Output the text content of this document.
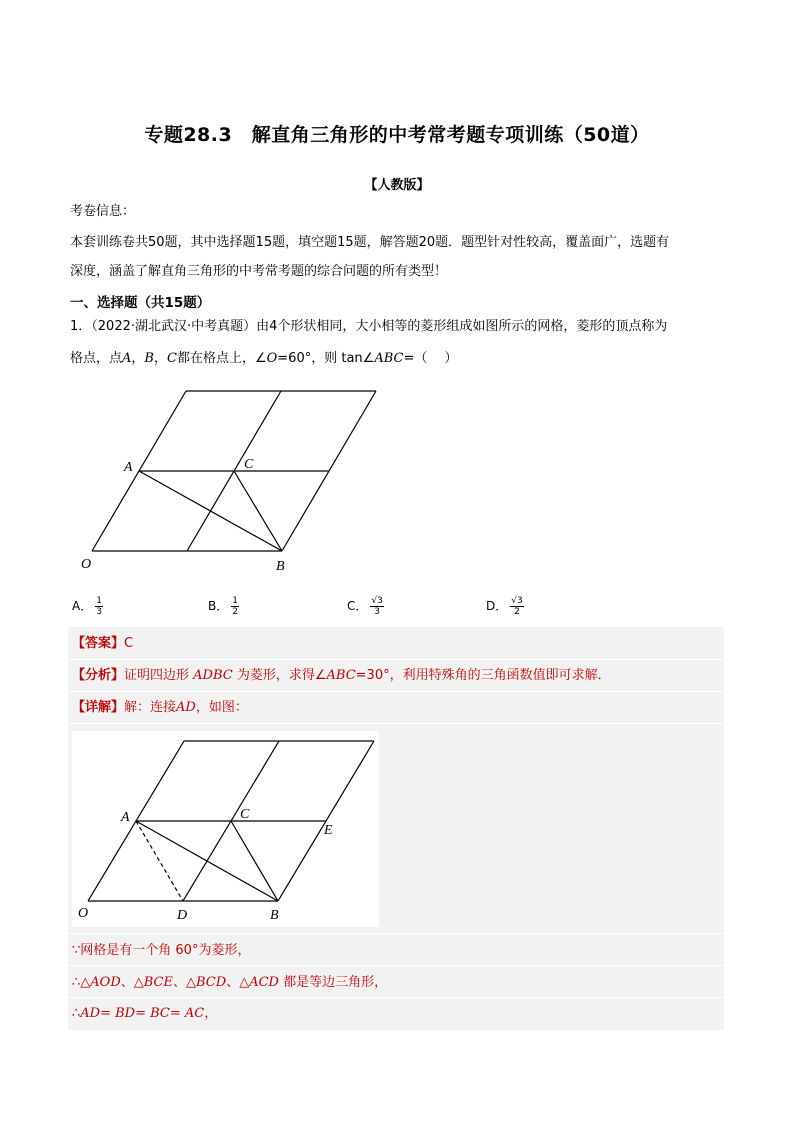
专题28.3　解直角三角形的中考常考题专项训练（50道）
【人教版】
考卷信息：
本套训练卷共50题，其中选择题15题，填空题15题，解答题20题．题型针对性较高，覆盖面广，选题有
深度，涵盖了解直角三角形的中考常考题的综合问题的所有类型！
一、选择题（共15题）
1．（2022·湖北武汉·中考真题）由4个形状相同，大小相等的菱形组成如图所示的网格，菱形的顶点称为
格点，点A，B，C都在格点上，∠O=60°，则 tan∠ABC=（　 ）
A	C
O	B
A． $\frac{1}{3}$	B． $\frac{1}{2}$	C． $\frac{√3}{3}$	D． $\frac{√3}{2}$
【答案】C
【分析】证明四边形 ADBC 为菱形，求得∠ABC=30°，利用特殊角的三角函数值即可求解．
【详解】解：连接AD，如图：
A	C
E
O	D	B
∵网格是有一个角 60°为菱形，
∴△AOD、△BCE、△BCD、△ACD 都是等边三角形，
∴AD= BD= BC= AC，
